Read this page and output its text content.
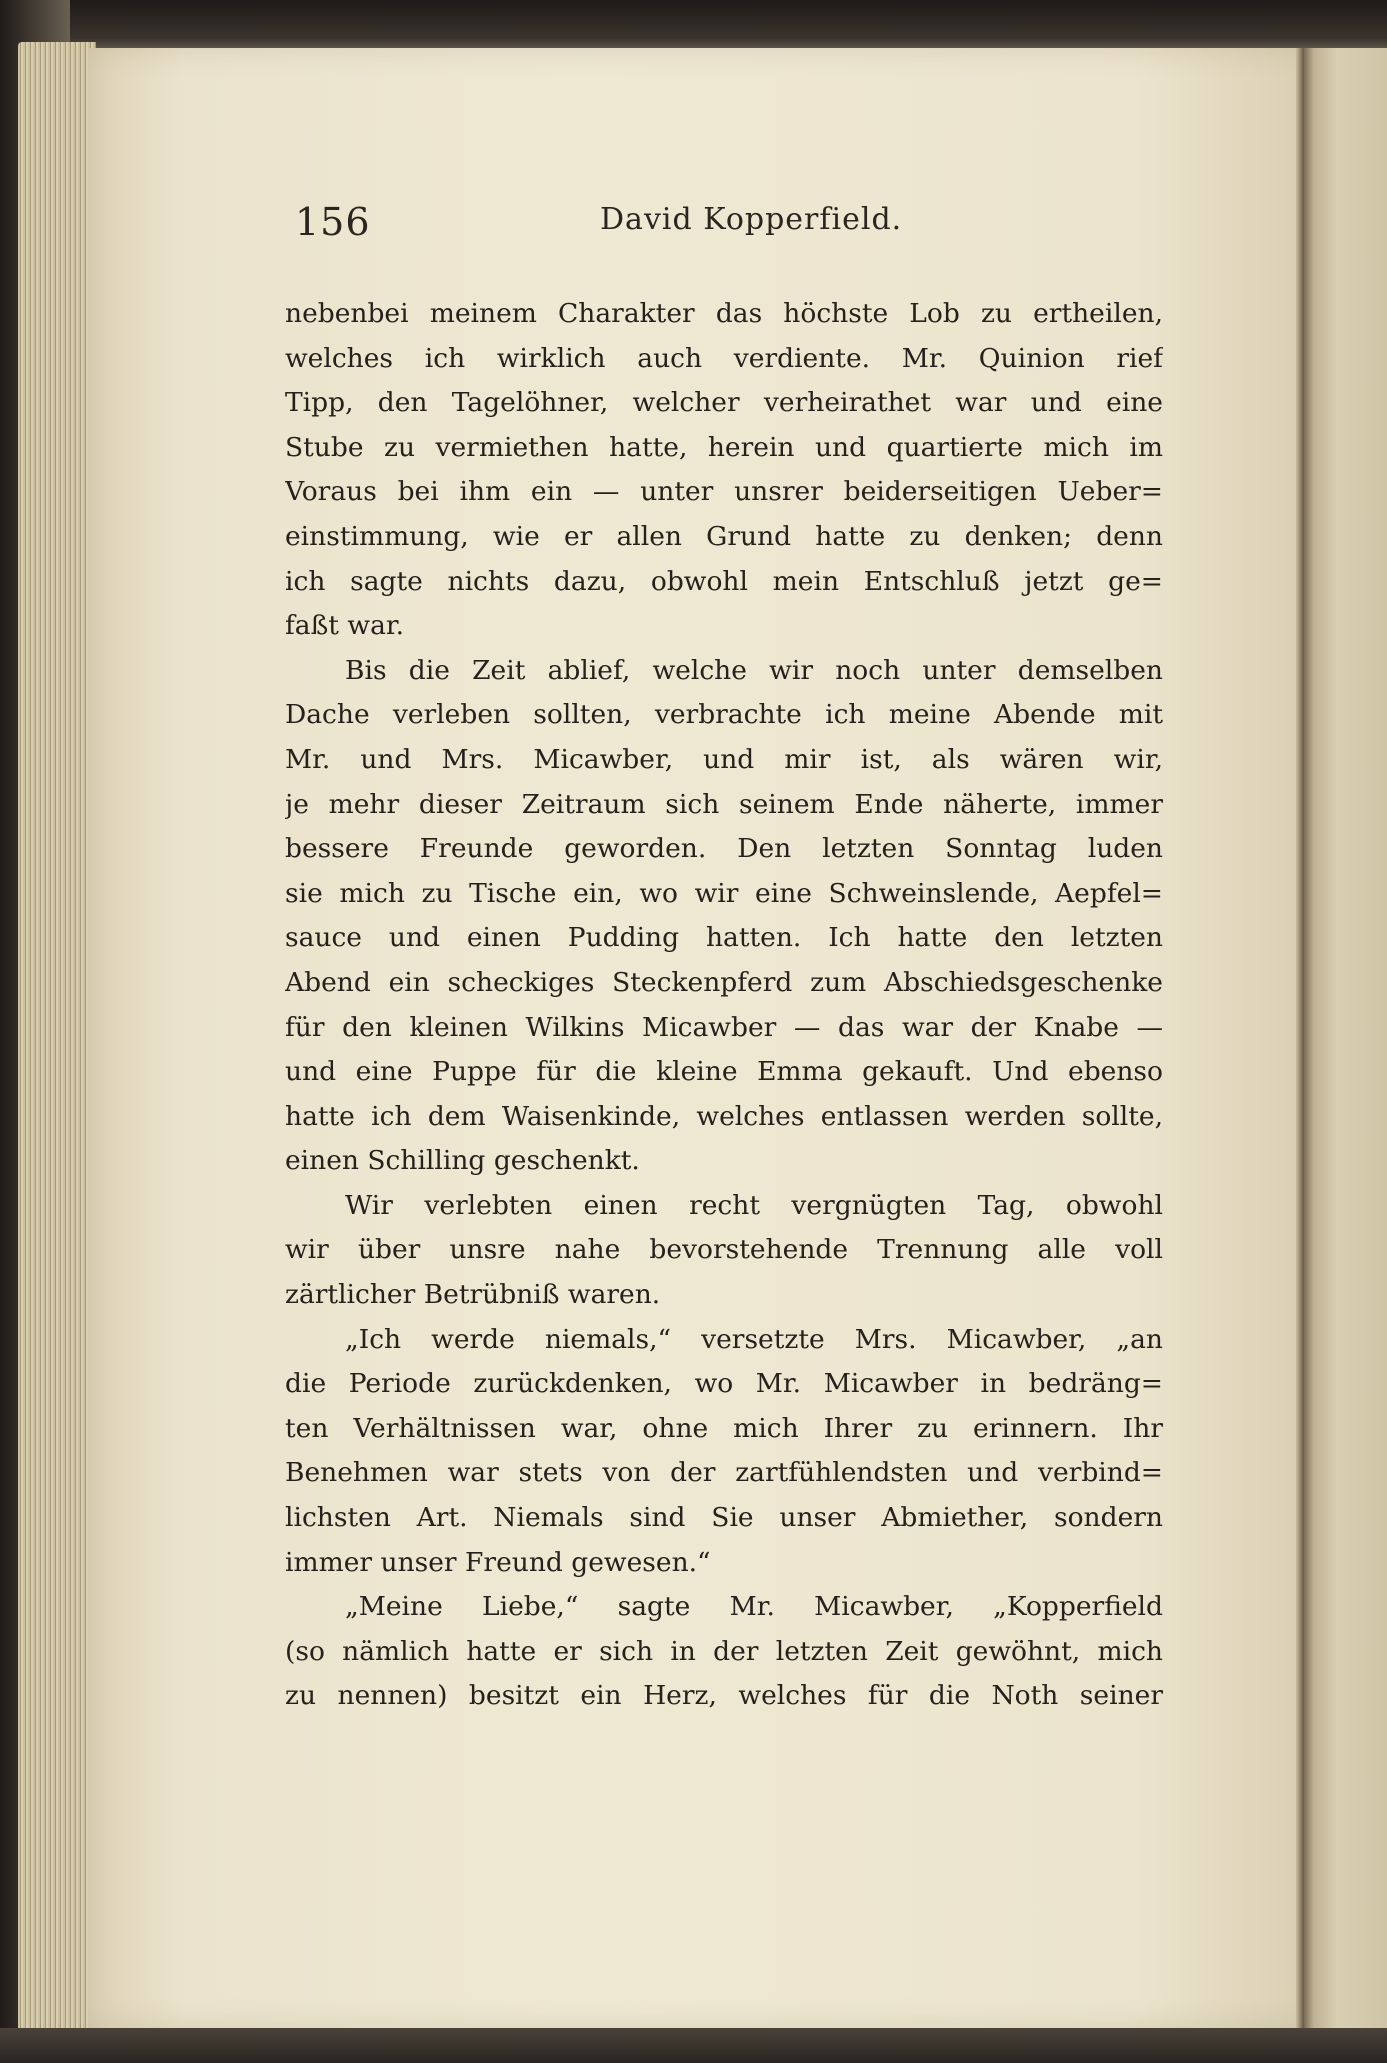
156	David Kopperfield.
nebenbei meinem Charakter das höchste Lob zu ertheilen,
welches ich wirklich auch verdiente. Mr. Quinion rief
Tipp, den Tagelöhner, welcher verheirathet war und eine
Stube zu vermiethen hatte, herein und quartierte mich im
Voraus bei ihm ein — unter unsrer beiderseitigen Ueber=
einstimmung, wie er allen Grund hatte zu denken; denn
ich sagte nichts dazu, obwohl mein Entschluß jetzt ge=
faßt war.
Bis die Zeit ablief, welche wir noch unter demselben
Dache verleben sollten, verbrachte ich meine Abende mit
Mr. und Mrs. Micawber, und mir ist, als wären wir,
je mehr dieser Zeitraum sich seinem Ende näherte, immer
bessere Freunde geworden. Den letzten Sonntag luden
sie mich zu Tische ein, wo wir eine Schweinslende, Aepfel=
sauce und einen Pudding hatten. Ich hatte den letzten
Abend ein scheckiges Steckenpferd zum Abschiedsgeschenke
für den kleinen Wilkins Micawber — das war der Knabe —
und eine Puppe für die kleine Emma gekauft. Und ebenso
hatte ich dem Waisenkinde, welches entlassen werden sollte,
einen Schilling geschenkt.
Wir verlebten einen recht vergnügten Tag, obwohl
wir über unsre nahe bevorstehende Trennung alle voll
zärtlicher Betrübniß waren.
„Ich werde niemals,“ versetzte Mrs. Micawber, „an
die Periode zurückdenken, wo Mr. Micawber in bedräng=
ten Verhältnissen war, ohne mich Ihrer zu erinnern. Ihr
Benehmen war stets von der zartfühlendsten und verbind=
lichsten Art. Niemals sind Sie unser Abmiether, sondern
immer unser Freund gewesen.“
„Meine Liebe,“ sagte Mr. Micawber, „Kopperfield
(so nämlich hatte er sich in der letzten Zeit gewöhnt, mich
zu nennen) besitzt ein Herz, welches für die Noth seiner
